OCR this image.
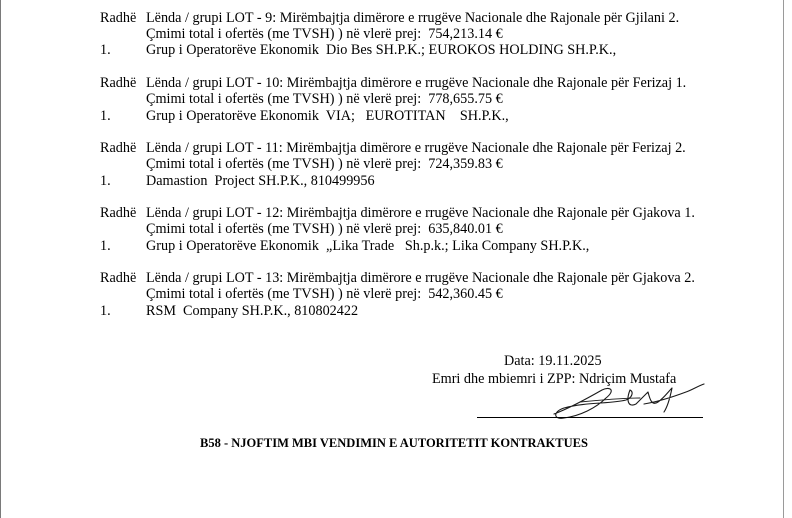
Radhë Lënda / grupi LOT - 9: Mirëmbajtja dimërore e rrugëve Nacionale dhe Rajonale për Gjilani 2.
Çmimi total i ofertës (me TVSH) ) në vlerë prej:  754,213.14 €
1. Grup i Operatorëve Ekonomik  Dio Bes SH.P.K.; EUROKOS HOLDING SH.P.K.,
Radhë Lënda / grupi LOT - 10: Mirëmbajtja dimërore e rrugëve Nacionale dhe Rajonale për Ferizaj 1.
Çmimi total i ofertës (me TVSH) ) në vlerë prej:  778,655.75 €
1. Grup i Operatorëve Ekonomik  VIA;   EUROTITAN    SH.P.K.,
Radhë Lënda / grupi LOT - 11: Mirëmbajtja dimërore e rrugëve Nacionale dhe Rajonale për Ferizaj 2.
Çmimi total i ofertës (me TVSH) ) në vlerë prej:  724,359.83 €
1. Damastion  Project SH.P.K., 810499956
Radhë Lënda / grupi LOT - 12: Mirëmbajtja dimërore e rrugëve Nacionale dhe Rajonale për Gjakova 1.
Çmimi total i ofertës (me TVSH) ) në vlerë prej:  635,840.01 €
1. Grup i Operatorëve Ekonomik  „Lika Trade   Sh.p.k.; Lika Company SH.P.K.,
Radhë Lënda / grupi LOT - 13: Mirëmbajtja dimërore e rrugëve Nacionale dhe Rajonale për Gjakova 2.
Çmimi total i ofertës (me TVSH) ) në vlerë prej:  542,360.45 €
1. RSM  Company SH.P.K., 810802422
Data: 19.11.2025
Emri dhe mbiemri i ZPP: Ndriçim Mustafa
B58 - NJOFTIM MBI VENDIMIN E AUTORITETIT KONTRAKTUES
